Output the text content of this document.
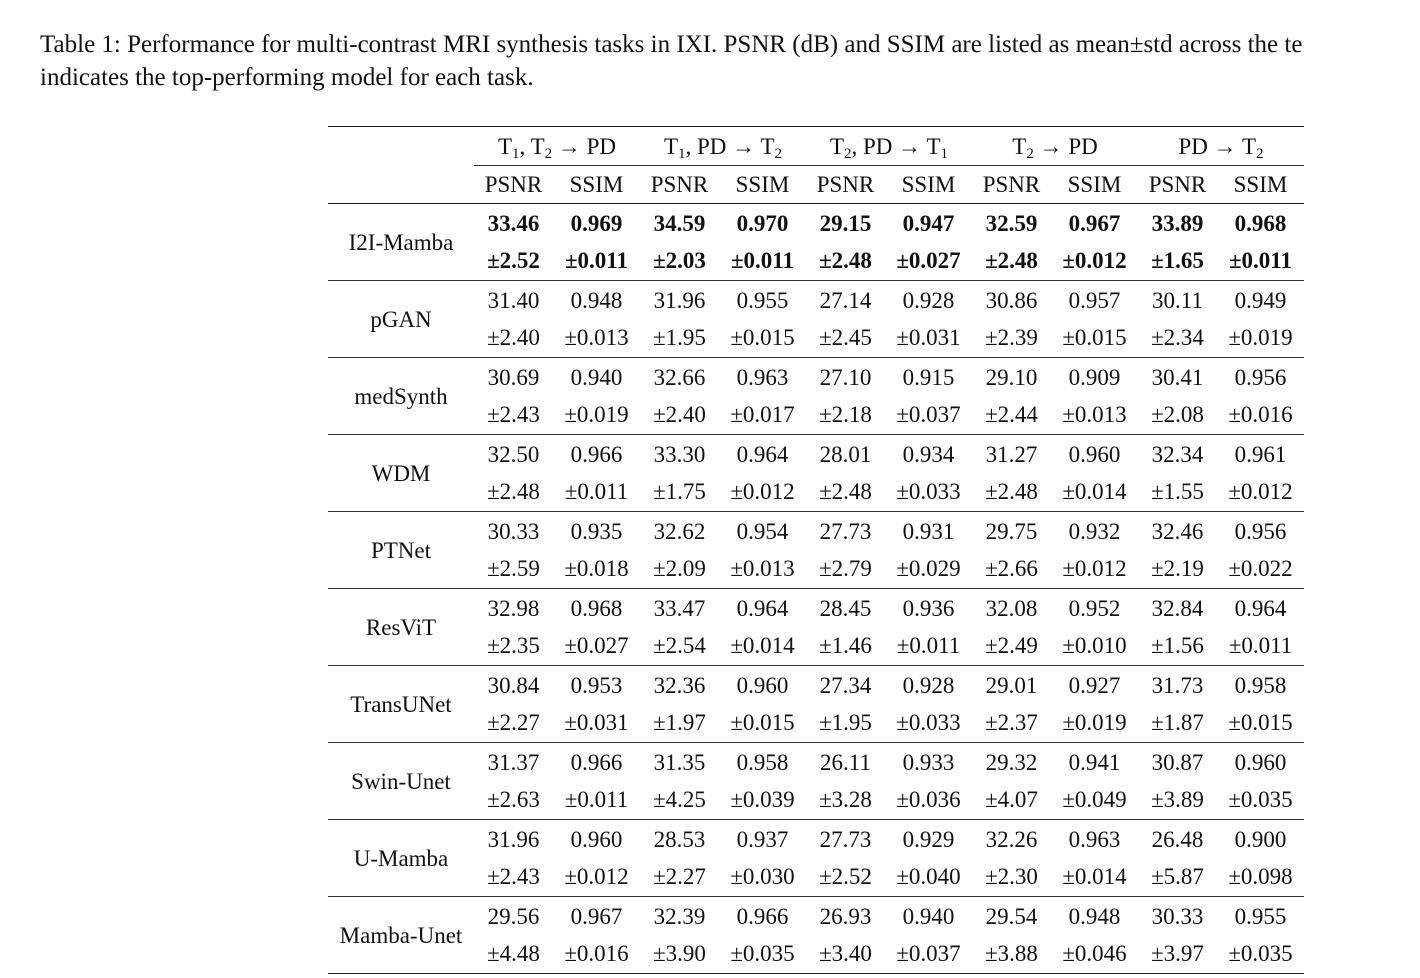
Table 1: Performance for multi-contrast MRI synthesis tasks in IXI. PSNR (dB) and SSIM are listed as mean±std across the te
indicates the top-performing model for each task.
	$T_1$, $T_2$ → PD		$T_1$, PD → $T_2$		$T_2$, PD → $T_1$		$T_2$ → PD		PD → $T_2$
	PSNR	SSIM	PSNR	SSIM	PSNR	SSIM	PSNR	SSIM	PSNR	SSIM
I2I-Mamba	33.46	0.969	34.59	0.970	29.15	0.947	32.59	0.967	33.89	0.968
	±2.52	±0.011	±2.03	±0.011	±2.48	±0.027	±2.48	±0.012	±1.65	±0.011
pGAN	31.40	0.948	31.96	0.955	27.14	0.928	30.86	0.957	30.11	0.949
	±2.40	±0.013	±1.95	±0.015	±2.45	±0.031	±2.39	±0.015	±2.34	±0.019
medSynth	30.69	0.940	32.66	0.963	27.10	0.915	29.10	0.909	30.41	0.956
	±2.43	±0.019	±2.40	±0.017	±2.18	±0.037	±2.44	±0.013	±2.08	±0.016
WDM	32.50	0.966	33.30	0.964	28.01	0.934	31.27	0.960	32.34	0.961
	±2.48	±0.011	±1.75	±0.012	±2.48	±0.033	±2.48	±0.014	±1.55	±0.012
PTNet	30.33	0.935	32.62	0.954	27.73	0.931	29.75	0.932	32.46	0.956
	±2.59	±0.018	±2.09	±0.013	±2.79	±0.029	±2.66	±0.012	±2.19	±0.022
ResViT	32.98	0.968	33.47	0.964	28.45	0.936	32.08	0.952	32.84	0.964
	±2.35	±0.027	±2.54	±0.014	±1.46	±0.011	±2.49	±0.010	±1.56	±0.011
TransUNet	30.84	0.953	32.36	0.960	27.34	0.928	29.01	0.927	31.73	0.958
	±2.27	±0.031	±1.97	±0.015	±1.95	±0.033	±2.37	±0.019	±1.87	±0.015
Swin-Unet	31.37	0.966	31.35	0.958	26.11	0.933	29.32	0.941	30.87	0.960
	±2.63	±0.011	±4.25	±0.039	±3.28	±0.036	±4.07	±0.049	±3.89	±0.035
U-Mamba	31.96	0.960	28.53	0.937	27.73	0.929	32.26	0.963	26.48	0.900
	±2.43	±0.012	±2.27	±0.030	±2.52	±0.040	±2.30	±0.014	±5.87	±0.098
Mamba-Unet	29.56	0.967	32.39	0.966	26.93	0.940	29.54	0.948	30.33	0.955
	±4.48	±0.016	±3.90	±0.035	±3.40	±0.037	±3.88	±0.046	±3.97	±0.035
